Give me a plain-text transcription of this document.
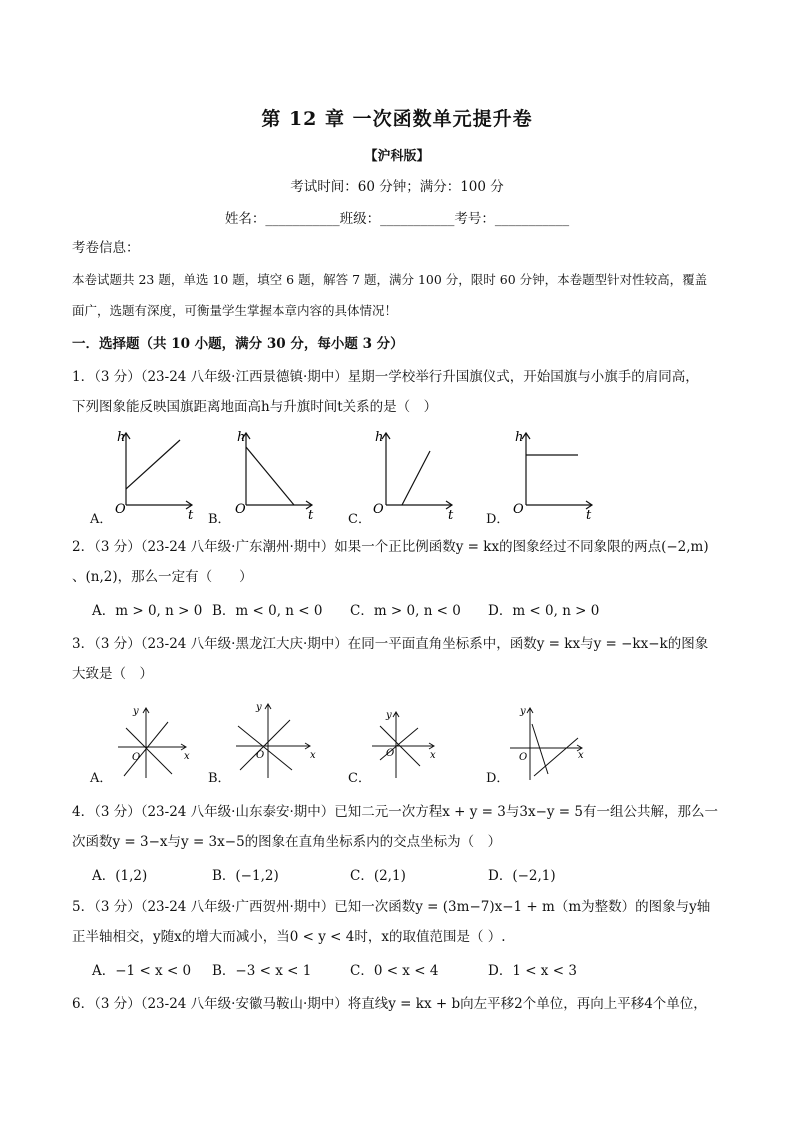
第 12 章 一次函数单元提升卷
【沪科版】
考试时间：60 分钟；满分：100 分
姓名：___________班级：___________考号：___________
考卷信息：
本卷试题共 23 题，单选 10 题，填空 6 题，解答 7 题，满分 100 分，限时 60 分钟，本卷题型针对性较高，覆盖
面广，选题有深度，可衡量学生掌握本章内容的具体情况！
一．选择题（共 10 小题，满分 30 分，每小题 3 分）
1．（3 分）（23-24 八年级·江西景德镇·期中）星期一学校举行升国旗仪式，开始国旗与小旗手的肩同高，
下列图象能反映国旗距离地面高h与升旗时间t关系的是（　）
h
O	t
h
O	t
h
O	t
h
O	t
A．	B．	C．	D．
2．（3 分）（23-24 八年级·广东潮州·期中）如果一个正比例函数y = kx的图象经过不同象限的两点(−2,m)
、(n,2)，那么一定有（　　）
A．m > 0, n > 0 B．m < 0, n < 0 C．m > 0, n < 0 D．m < 0, n > 0
3．（3 分）（23-24 八年级·黑龙江大庆·期中）在同一平面直角坐标系中，函数y = kx与y = −kx−k的图象
大致是（　）
y
O	x
y
O	x
y
O	x
y
O	x
A．	B．	C．	D．
4．（3 分）（23-24 八年级·山东泰安·期中）已知二元一次方程x + y = 3与3x−y = 5有一组公共解，那么一
次函数y = 3−x与y = 3x−5的图象在直角坐标系内的交点坐标为（　）
A．(1,2)	B．(−1,2)	C．(2,1)	D．(−2,1)
5．（3 分）（23-24 八年级·广西贺州·期中）已知一次函数y = (3m−7)x−1 + m（m为整数）的图象与y轴
正半轴相交，y随x的增大而减小，当0 < y < 4时，x的取值范围是（ ）.
A．−1 < x < 0 B．−3 < x < 1	C．0 < x < 4	D．1 < x < 3
6．（3 分）（23-24 八年级·安徽马鞍山·期中）将直线y = kx + b向左平移2个单位，再向上平移4个单位，
